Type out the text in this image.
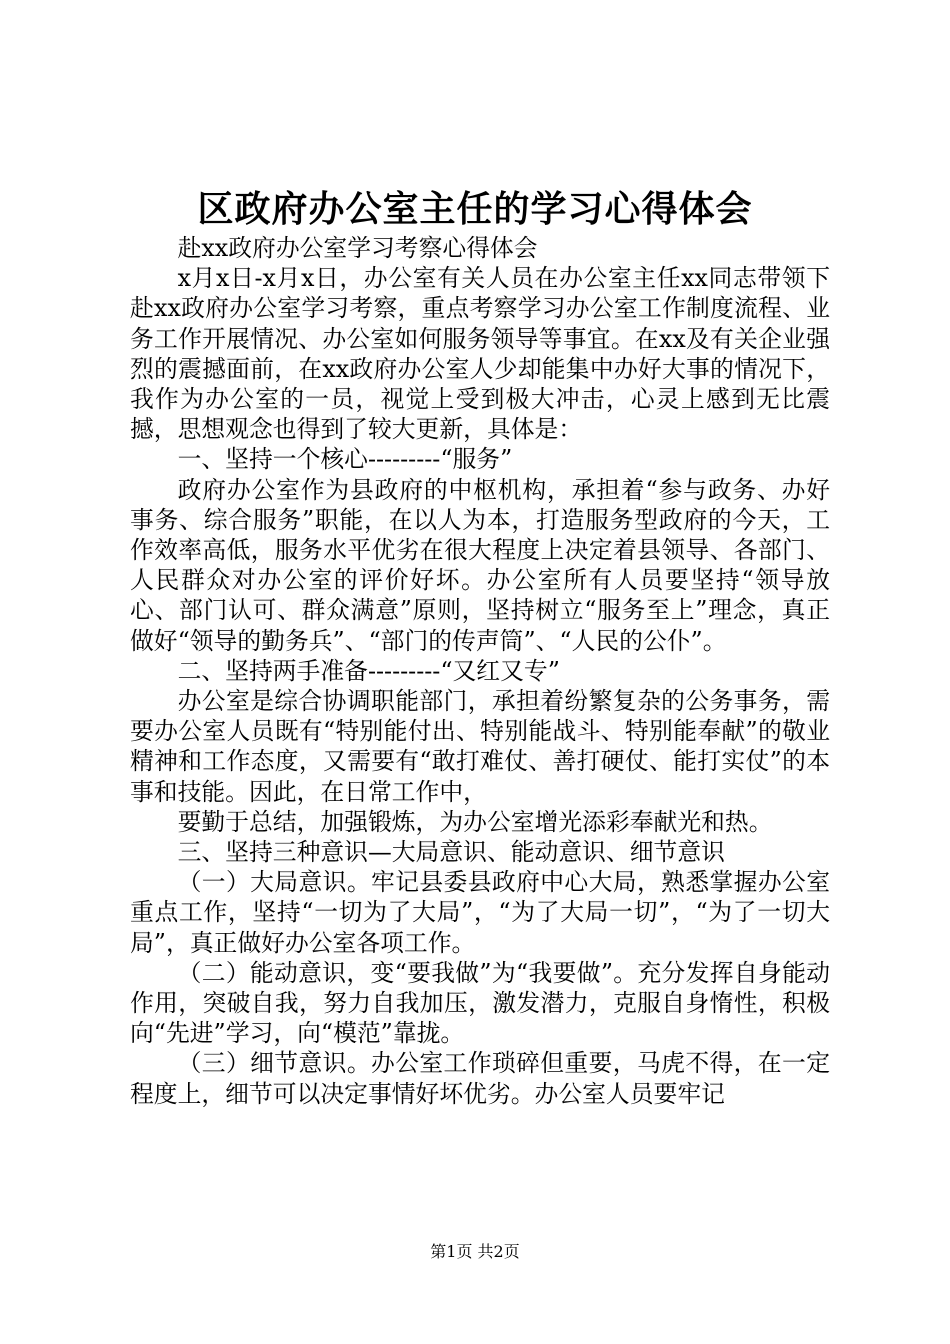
区政府办公室主任的学习心得体会

赴xx政府办公室学习考察心得体会

x月x日-x月x日，办公室有关人员在办公室主任xx同志带领下赴xx政府办公室学习考察，重点考察学习办公室工作制度流程、业务工作开展情况、办公室如何服务领导等事宜。在xx及有关企业强烈的震撼面前，在xx政府办公室人少却能集中办好大事的情况下，我作为办公室的一员，视觉上受到极大冲击，心灵上感到无比震撼，思想观念也得到了较大更新，具体是：

一、坚持一个核心---------“服务”

政府办公室作为县政府的中枢机构，承担着“参与政务、办好事务、综合服务”职能，在以人为本，打造服务型政府的今天，工作效率高低，服务水平优劣在很大程度上决定着县领导、各部门、人民群众对办公室的评价好坏。办公室所有人员要坚持“领导放心、部门认可、群众满意”原则，坚持树立“服务至上”理念，真正做好“领导的勤务兵”、“部门的传声筒”、“人民的公仆”。

二、坚持两手准备---------“又红又专”

办公室是综合协调职能部门，承担着纷繁复杂的公务事务，需要办公室人员既有“特别能付出、特别能战斗、特别能奉献”的敬业精神和工作态度，又需要有“敢打难仗、善打硬仗、能打实仗”的本事和技能。因此，在日常工作中，

要勤于总结，加强锻炼，为办公室增光添彩奉献光和热。

三、坚持三种意识—大局意识、能动意识、细节意识

（一）大局意识。牢记县委县政府中心大局，熟悉掌握办公室重点工作，坚持“一切为了大局”，“为了大局一切”，“为了一切大局”，真正做好办公室各项工作。

（二）能动意识，变“要我做”为“我要做”。充分发挥自身能动作用，突破自我，努力自我加压，激发潜力，克服自身惰性，积极向“先进”学习，向“模范”靠拢。

（三）细节意识。办公室工作琐碎但重要，马虎不得，在一定程度上，细节可以决定事情好坏优劣。办公室人员要牢记

第1页 共2页
